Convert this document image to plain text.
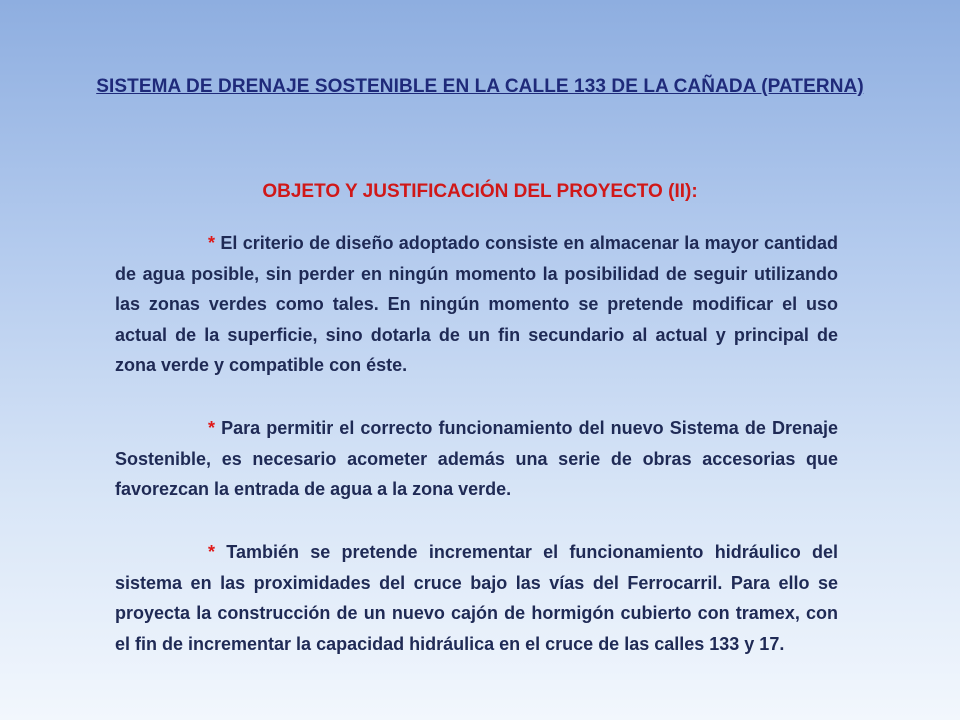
SISTEMA DE DRENAJE SOSTENIBLE EN LA CALLE 133 DE LA CAÑADA (PATERNA)
OBJETO Y JUSTIFICACIÓN DEL PROYECTO (II):

* El criterio de diseño adoptado consiste en almacenar la mayor cantidad de agua posible, sin perder en ningún momento la posibilidad de seguir utilizando las zonas verdes como tales. En ningún momento se pretende modificar el uso actual de la superficie, sino dotarla de un fin secundario al actual y principal de zona verde y compatible con éste.

* Para permitir el correcto funcionamiento del nuevo Sistema de Drenaje Sostenible, es necesario acometer además una serie de obras accesorias que favorezcan la entrada de agua a la zona verde.

* También se pretende incrementar el funcionamiento hidráulico del sistema en las proximidades del cruce bajo las vías del Ferrocarril. Para ello se proyecta la construcción de un nuevo cajón de hormigón cubierto con tramex, con el fin de incrementar la capacidad hidráulica en el cruce de las calles 133 y 17.
